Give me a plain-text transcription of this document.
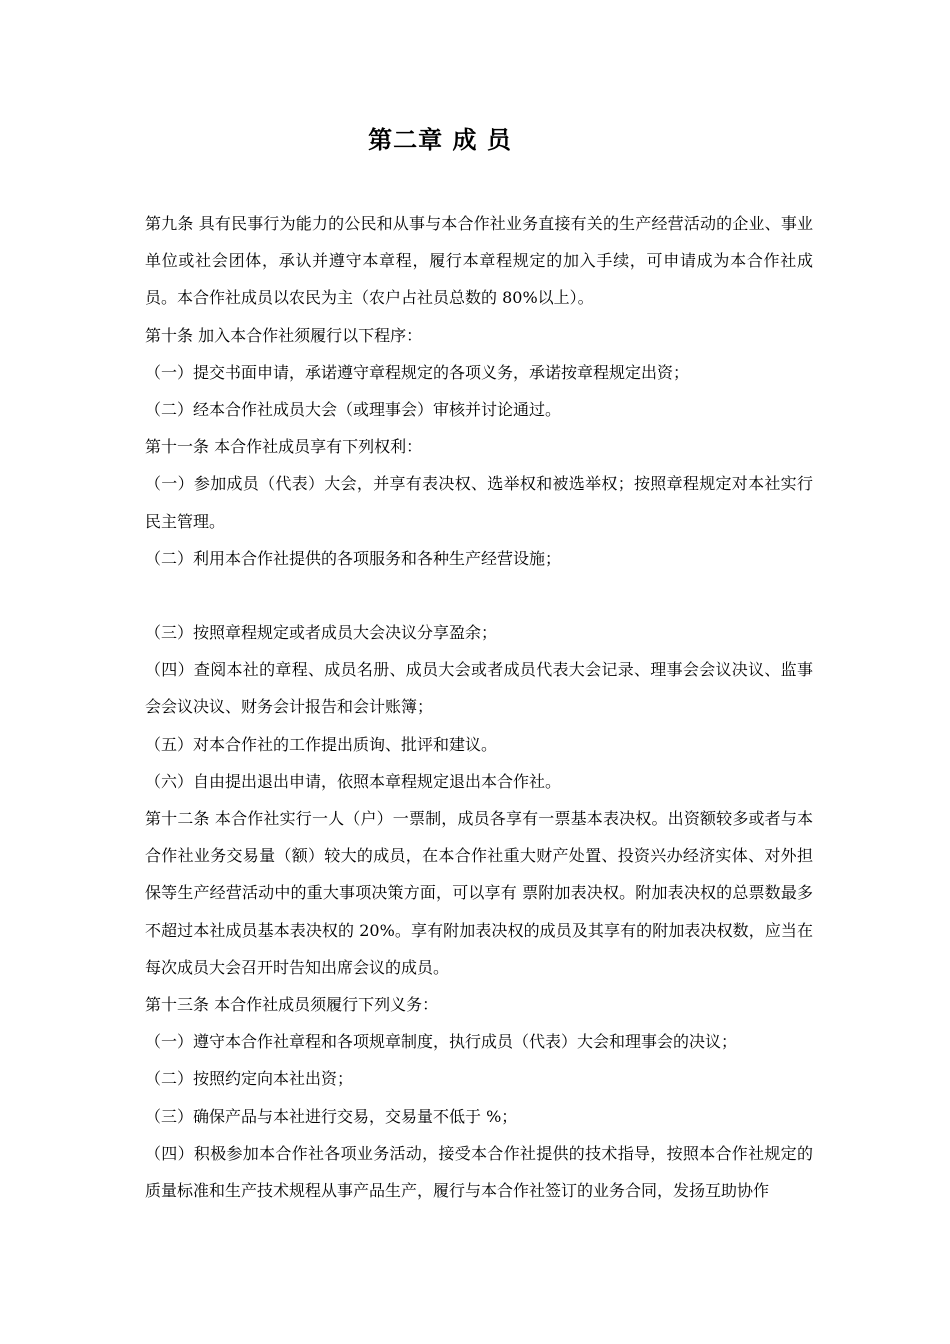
第二章 成 员

第九条 具有民事行为能力的公民和从事与本合作社业务直接有关的生产经营活动的企业、事业单位或社会团体，承认并遵守本章程，履行本章程规定的加入手续，可申请成为本合作社成员。本合作社成员以农民为主（农户占社员总数的 80%以上）。

第十条 加入本合作社须履行以下程序：

（一）提交书面申请，承诺遵守章程规定的各项义务，承诺按章程规定出资；

（二）经本合作社成员大会（或理事会）审核并讨论通过。

第十一条 本合作社成员享有下列权利：

（一）参加成员（代表）大会，并享有表决权、选举权和被选举权；按照章程规定对本社实行民主管理。

（二）利用本合作社提供的各项服务和各种生产经营设施；

（三）按照章程规定或者成员大会决议分享盈余；

（四）查阅本社的章程、成员名册、成员大会或者成员代表大会记录、理事会会议决议、监事会会议决议、财务会计报告和会计账簿；

（五）对本合作社的工作提出质询、批评和建议。

（六）自由提出退出申请，依照本章程规定退出本合作社。

第十二条 本合作社实行一人（户）一票制，成员各享有一票基本表决权。出资额较多或者与本合作社业务交易量（额）较大的成员，在本合作社重大财产处置、投资兴办经济实体、对外担保等生产经营活动中的重大事项决策方面，可以享有 票附加表决权。附加表决权的总票数最多不超过本社成员基本表决权的 20%。享有附加表决权的成员及其享有的附加表决权数，应当在每次成员大会召开时告知出席会议的成员。

第十三条 本合作社成员须履行下列义务：

（一）遵守本合作社章程和各项规章制度，执行成员（代表）大会和理事会的决议；

（二）按照约定向本社出资；

（三）确保产品与本社进行交易，交易量不低于 %；

（四）积极参加本合作社各项业务活动，接受本合作社提供的技术指导，按照本合作社规定的质量标准和生产技术规程从事产品生产，履行与本合作社签订的业务合同，发扬互助协作
